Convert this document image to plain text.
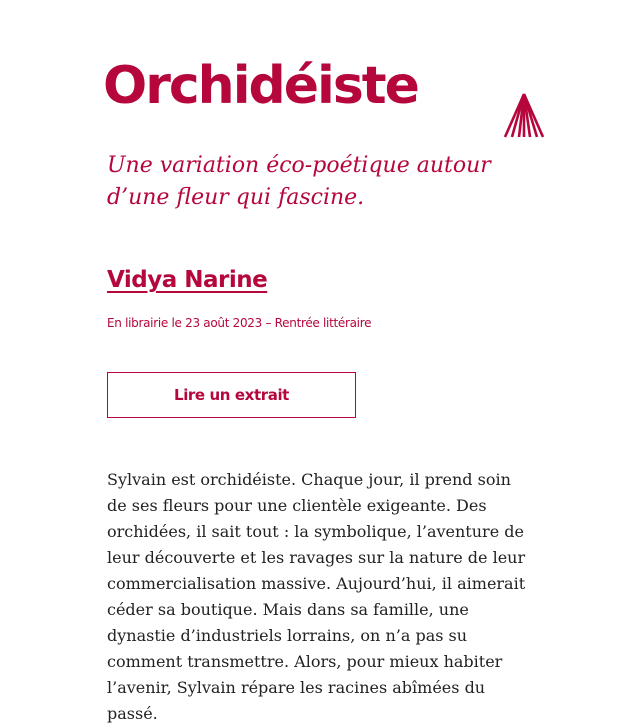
Orchidéiste

Une variation éco-poétique autour d’une fleur qui fascine.

Vidya Narine

En librairie le 23 août 2023 – Rentrée littéraire

Lire un extrait

Sylvain est orchidéiste. Chaque jour, il prend soin de ses fleurs pour une clientèle exigeante. Des orchidées, il sait tout : la symbolique, l’aventure de leur découverte et les ravages sur la nature de leur commercialisation massive. Aujourd’hui, il aimerait céder sa boutique. Mais dans sa famille, une dynastie d’industriels lorrains, on n’a pas su comment transmettre. Alors, pour mieux habiter l’avenir, Sylvain répare les racines abîmées du passé.
